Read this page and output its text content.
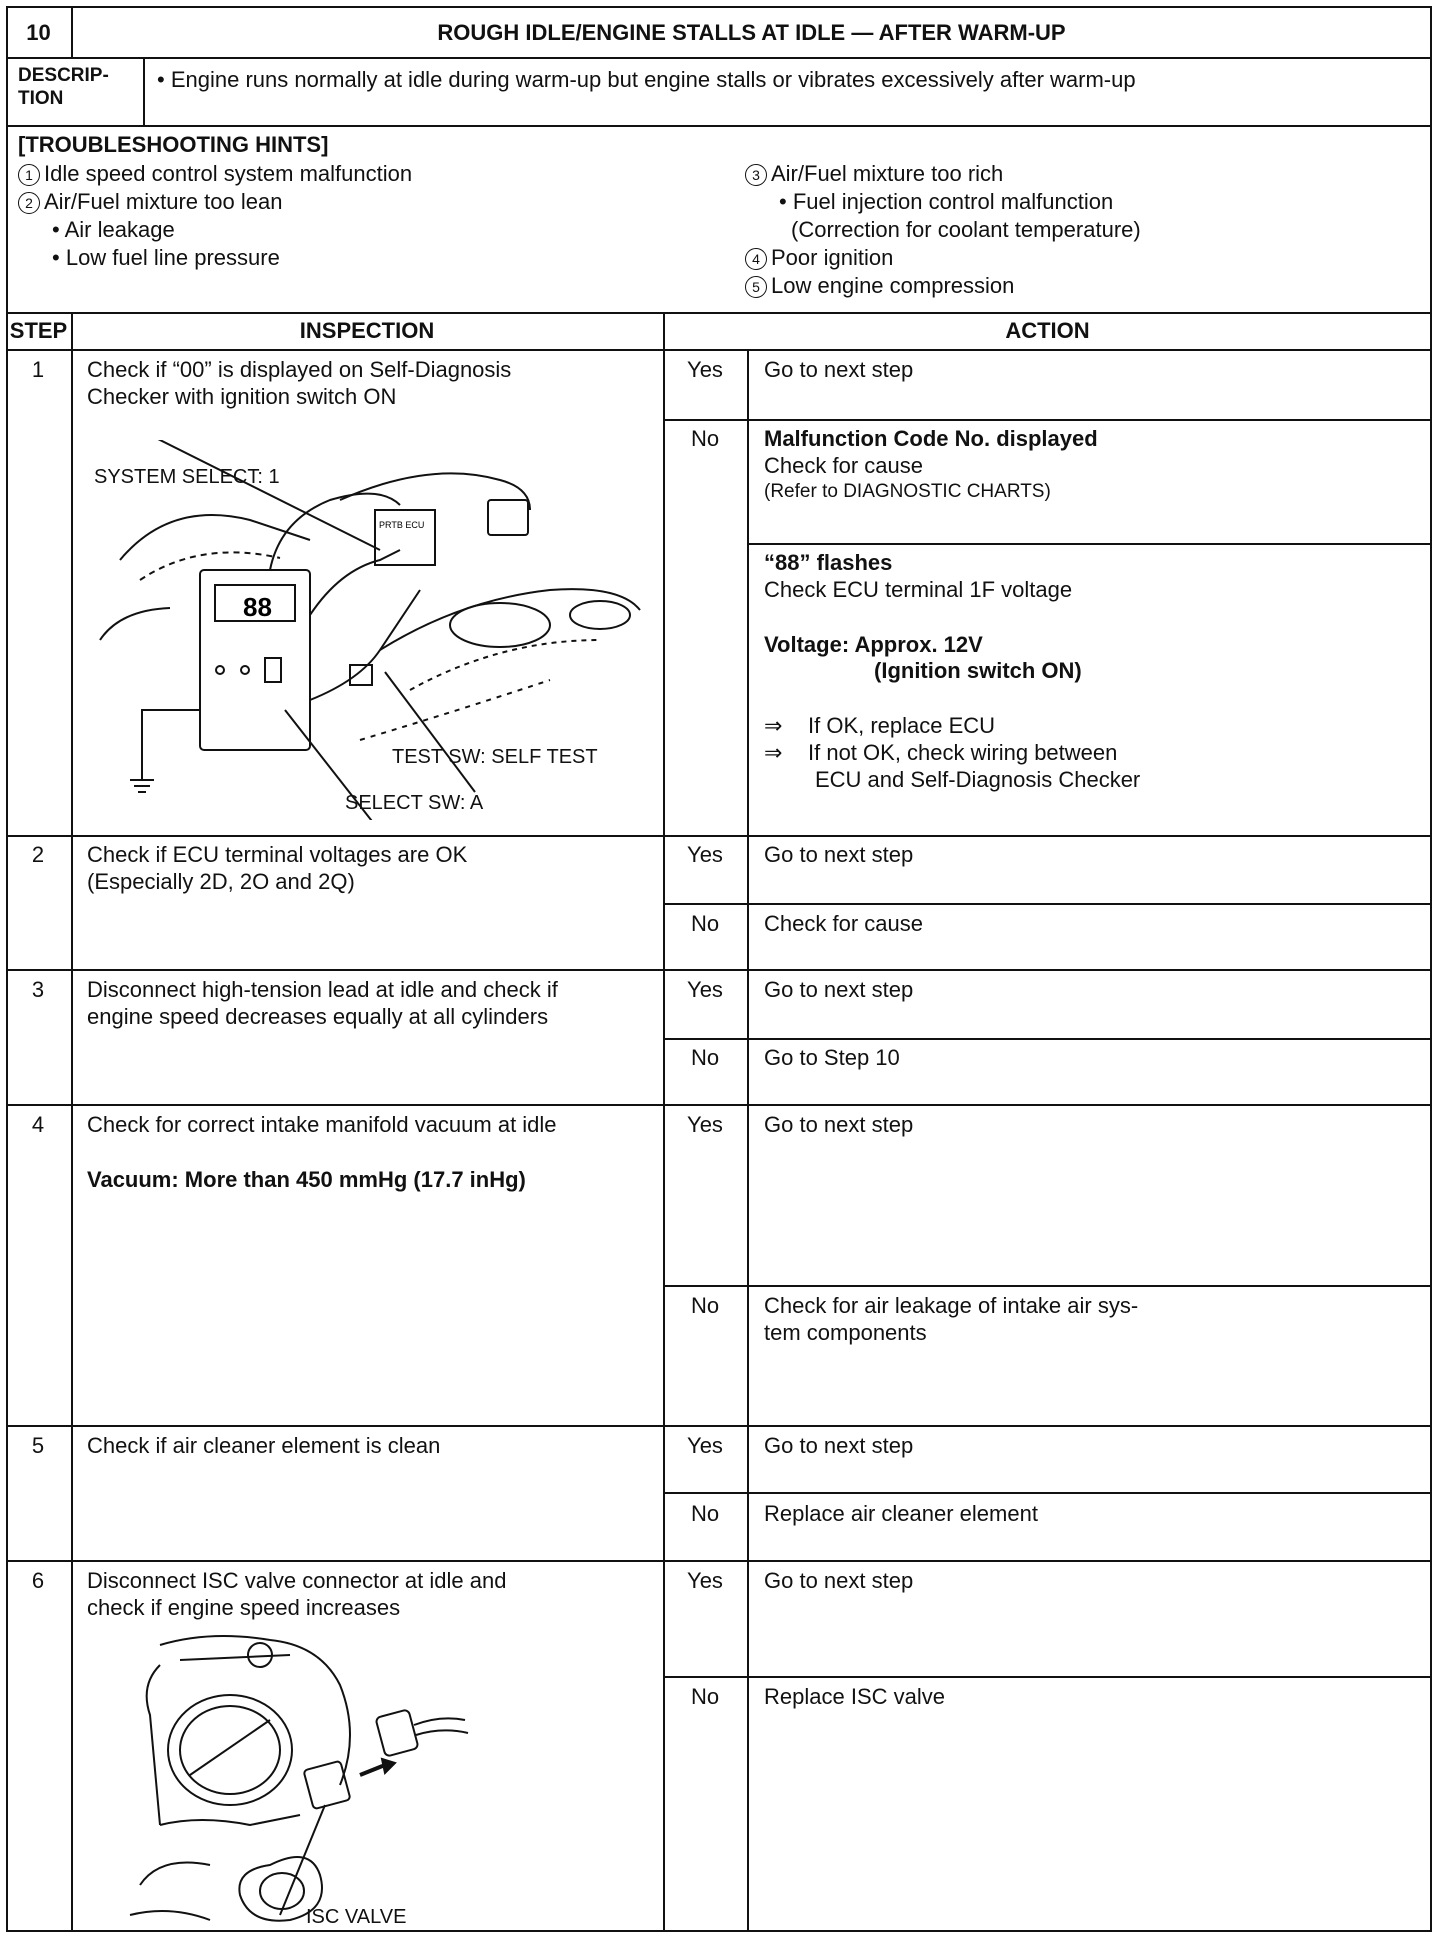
10	ROUGH IDLE/ENGINE STALLS AT IDLE — AFTER WARM-UP
DESCRIP-
TION
• Engine runs normally at idle during warm-up but engine stalls or vibrates excessively after warm-up
[TROUBLESHOOTING HINTS]
1 Idle speed control system malfunction
2 Air/Fuel mixture too lean
• Air leakage
• Low fuel line pressure
3 Air/Fuel mixture too rich
• Fuel injection control malfunction
(Correction for coolant temperature)
4 Poor ignition
5 Low engine compression
STEP	INSPECTION	ACTION
1	Check if “00” is displayed on Self-Diagnosis
Checker with ignition switch ON
88
PRTB ECU
SYSTEM SELECT: 1
TEST SW: SELF TEST
SELECT SW: A
Yes	Go to next step
No	Malfunction Code No. displayed
Check for cause
(Refer to DIAGNOSTIC CHARTS)
“88” flashes
Check ECU terminal 1F voltage
Voltage: Approx. 12V
(Ignition switch ON)
⇒ If OK, replace ECU
⇒ If not OK, check wiring between
ECU and Self-Diagnosis Checker
2	Check if ECU terminal voltages are OK
(Especially 2D, 2O and 2Q)
Yes	Go to next step
No	Check for cause
3	Disconnect high-tension lead at idle and check if
engine speed decreases equally at all cylinders
Yes	Go to next step
No	Go to Step 10
4	Check for correct intake manifold vacuum at idle
Vacuum: More than 450 mmHg (17.7 inHg)
Yes	Go to next step
No	Check for air leakage of intake air sys-
tem components
5	Check if air cleaner element is clean	Yes	Go to next step
No	Replace air cleaner element
6	Disconnect ISC valve connector at idle and
check if engine speed increases
ISC VALVE
Yes	Go to next step
No	Replace ISC valve
